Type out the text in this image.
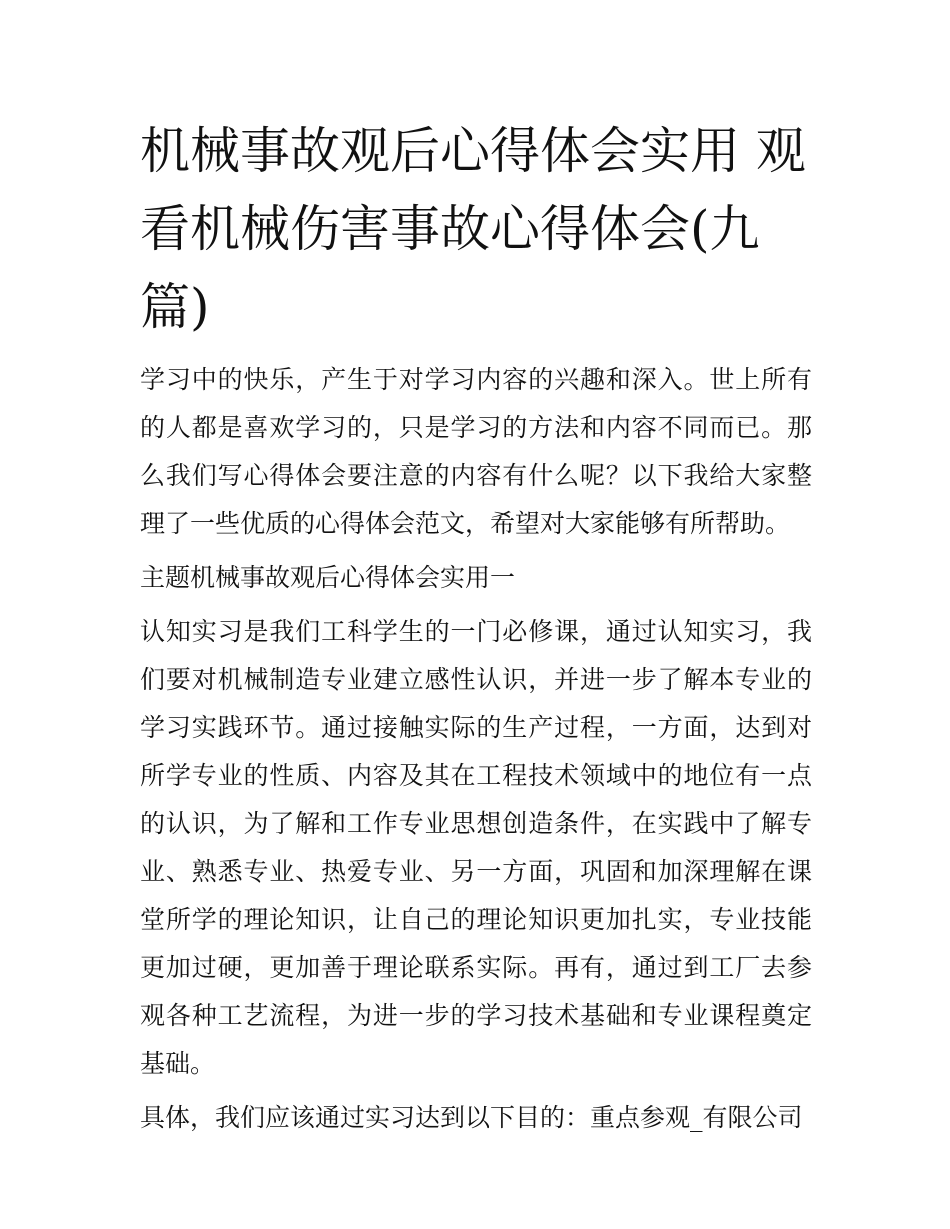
机械事故观后心得体会实用 观看机械伤害事故心得体会(九篇)

学习中的快乐，产生于对学习内容的兴趣和深入。世上所有的人都是喜欢学习的，只是学习的方法和内容不同而已。那么我们写心得体会要注意的内容有什么呢？以下我给大家整理了一些优质的心得体会范文，希望对大家能够有所帮助。

主题机械事故观后心得体会实用一

认知实习是我们工科学生的一门必修课，通过认知实习，我们要对机械制造专业建立感性认识，并进一步了解本专业的学习实践环节。通过接触实际的生产过程，一方面，达到对所学专业的性质、内容及其在工程技术领域中的地位有一点的认识，为了解和工作专业思想创造条件，在实践中了解专业、熟悉专业、热爱专业、另一方面，巩固和加深理解在课堂所学的理论知识，让自己的理论知识更加扎实，专业技能更加过硬，更加善于理论联系实际。再有，通过到工厂去参观各种工艺流程，为进一步的学习技术基础和专业课程奠定基础。

具体，我们应该通过实习达到以下目的：重点参观_有限公司
